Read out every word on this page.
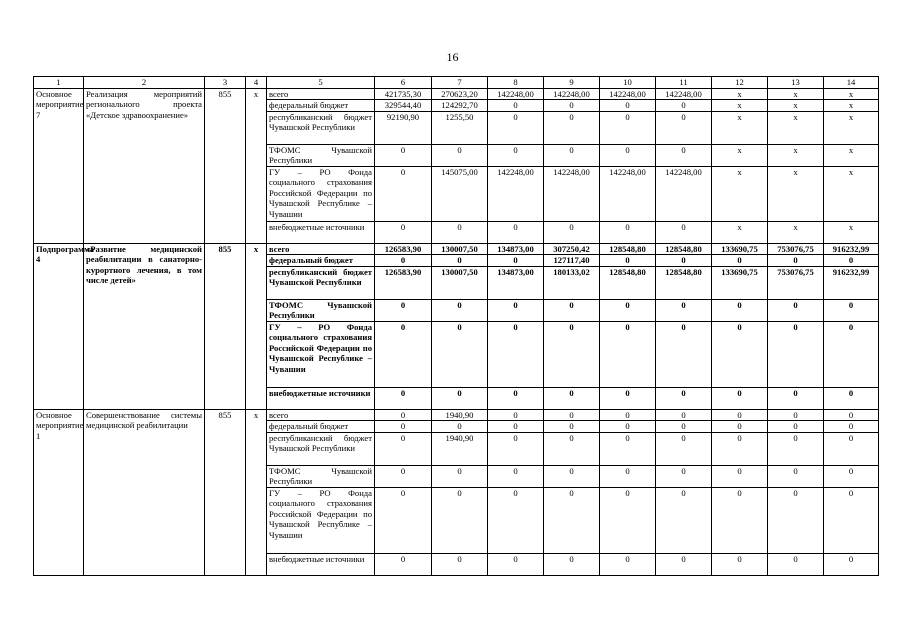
16
1	2	3	4	5	6	7	8	9	10	11	12	13	14
Основное мероприятие 7	Реализация мероприятий регионального проекта «Детское здравоохранение»	855	x	всего	421735,30	270623,20	142248,00	142248,00	142248,00	142248,00	x	x	x
				федеральный бюджет	329544,40	124292,70	0	0	0	0	x	x	x
				республиканский бюджет Чувашской Республики	92190,90	1255,50	0	0	0	0	x	x	x
				ТФОМС Чувашской Республики	0	0	0	0	0	0	x	x	x
				ГУ – РО Фонда социального страхования Российской Федерации по Чувашской Республике – Чувашии	0	145075,00	142248,00	142248,00	142248,00	142248,00	x	x	x
				внебюджетные источники	0	0	0	0	0	0	x	x	x
Подпрограмма 4	«Развитие медицинской реабилитации в санаторно-курортного лечения, в том числе детей»	855	x	всего	126583,90	130007,50	134873,00	307250,42	128548,80	128548,80	133690,75	753076,75	916232,99
				федеральный бюджет	0	0	0	127117,40	0	0	0	0	0
				республиканский бюджет Чувашской Республики	126583,90	130007,50	134873,00	180133,02	128548,80	128548,80	133690,75	753076,75	916232,99
				ТФОМС Чувашской Республики	0	0	0	0	0	0	0	0	0
				ГУ – РО Фонда социального страхования Российской Федерации по Чувашской Республике – Чувашии	0	0	0	0	0	0	0	0	0
				внебюджетные источники	0	0	0	0	0	0	0	0	0
Основное мероприятие 1	Совершенствование системы медицинской реабилитации	855	x	всего	0	1940,90	0	0	0	0	0	0	0
				федеральный бюджет	0	0	0	0	0	0	0	0	0
				республиканский бюджет Чувашской Республики	0	1940,90	0	0	0	0	0	0	0
				ТФОМС Чувашской Республики	0	0	0	0	0	0	0	0	0
				ГУ – РО Фонда социального страхования Российской Федерации по Чувашской Республике – Чувашии	0	0	0	0	0	0	0	0	0
				внебюджетные источники	0	0	0	0	0	0	0	0	0
